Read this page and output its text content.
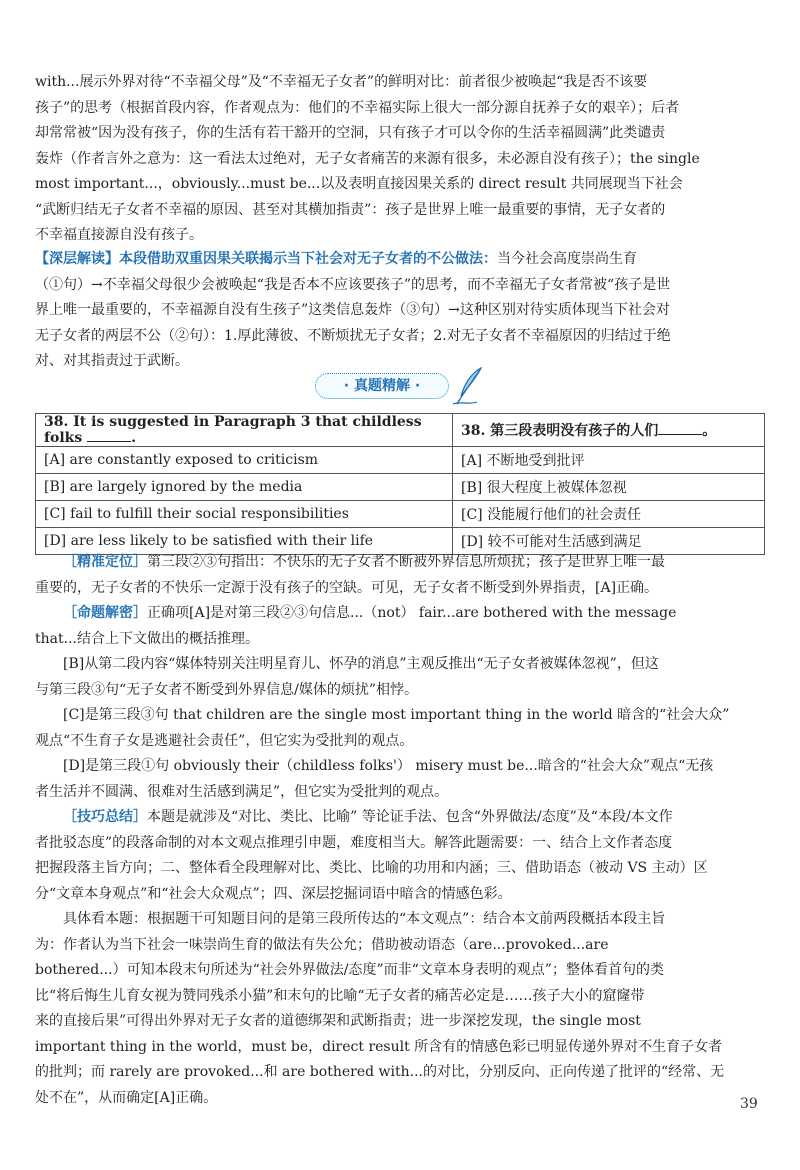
with...展示外界对待“不幸福父母”及“不幸福无子女者”的鲜明对比：前者很少被唤起“我是否不该要
孩子”的思考（根据首段内容，作者观点为：他们的不幸福实际上很大一部分源自抚养子女的艰辛）；后者
却常常被“因为没有孩子，你的生活有若干豁开的空洞，只有孩子才可以令你的生活幸福圆满”此类谴责
轰炸（作者言外之意为：这一看法太过绝对，无子女者痛苦的来源有很多，未必源自没有孩子）；the single
most important...，obviously...must be...以及表明直接因果关系的 direct result 共同展现当下社会
“武断归结无子女者不幸福的原因、甚至对其横加指责”：孩子是世界上唯一最重要的事情，无子女者的
不幸福直接源自没有孩子。
【深层解读】本段借助双重因果关联揭示当下社会对无子女者的不公做法：当今社会高度崇尚生育
（①句）→不幸福父母很少会被唤起“我是否本不应该要孩子”的思考，而不幸福无子女者常被“孩子是世
界上唯一最重要的，不幸福源自没有生孩子”这类信息轰炸（③句）→这种区别对待实质体现当下社会对
无子女者的两层不公（②句）：1.厚此薄彼、不断烦扰无子女者；2.对无子女者不幸福原因的归结过于绝
对、对其指责过于武断。
· 真题精解 ·
38. It is suggested in Paragraph 3 that childless folks .	38. 第三段表明没有孩子的人们 。
[A] are constantly exposed to criticism	[A] 不断地受到批评
[B] are largely ignored by the media	[B] 很大程度上被媒体忽视
[C] fail to fulfill their social responsibilities	[C] 没能履行他们的社会责任
[D] are less likely to be satisfied with their life	[D] 较不可能对生活感到满足
［精准定位］第三段②③句指出：不快乐的无子女者不断被外界信息所烦扰；孩子是世界上唯一最
重要的，无子女者的不快乐一定源于没有孩子的空缺。可见，无子女者不断受到外界指责，[A]正确。
［命题解密］正确项[A]是对第三段②③句信息...（not） fair...are bothered with the message
that...结合上下文做出的概括推理。
[B]从第二段内容“媒体特别关注明星育儿、怀孕的消息”主观反推出“无子女者被媒体忽视”，但这
与第三段③句“无子女者不断受到外界信息/媒体的烦扰”相悖。
[C]是第三段③句 that children are the single most important thing in the world 暗含的“社会大众”
观点“不生育子女是逃避社会责任”，但它实为受批判的观点。
[D]是第三段①句 obviously their（childless folks'） misery must be...暗含的“社会大众”观点“无孩
者生活并不圆满、很难对生活感到满足”，但它实为受批判的观点。
［技巧总结］本题是就涉及“对比、类比、比喻” 等论证手法、包含“外界做法/态度”及“本段/本文作
者批驳态度”的段落命制的对本文观点推理引申题，难度相当大。解答此题需要：一、结合上文作者态度
把握段落主旨方向；二、整体看全段理解对比、类比、比喻的功用和内涵；三、借助语态（被动 VS 主动）区
分“文章本身观点”和“社会大众观点”；四、深层挖掘词语中暗含的情感色彩。
具体看本题：根据题干可知题目问的是第三段所传达的“本文观点”：结合本文前两段概括本段主旨
为：作者认为当下社会一味崇尚生育的做法有失公允；借助被动语态（are...provoked...are
bothered...）可知本段末句所述为“社会外界做法/态度”而非“文章本身表明的观点”；整体看首句的类
比“将后悔生儿育女视为赞同残杀小猫”和末句的比喻“无子女者的痛苦必定是……孩子大小的窟窿带
来的直接后果”可得出外界对无子女者的道德绑架和武断指责；进一步深挖发现，the single most
important thing in the world，must be，direct result 所含有的情感色彩已明显传递外界对不生育子女者
的批判；而 rarely are provoked...和 are bothered with...的对比，分别反向、正向传递了批评的“经常、无
处不在”，从而确定[A]正确。	39
